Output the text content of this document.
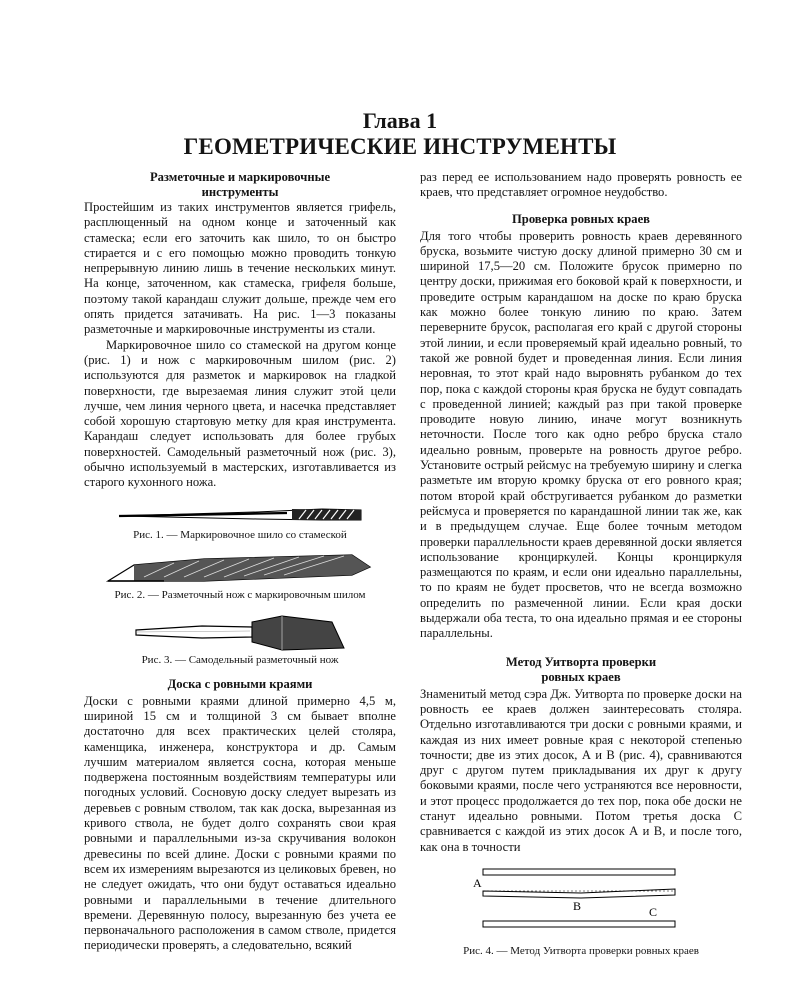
Глава 1
ГЕОМЕТРИЧЕСКИЕ ИНСТРУМЕНТЫ
Разметочные и маркировочные
инструменты

Простейшим из таких инструментов является грифель, расплющенный на одном конце и заточенный как стамеска; если его заточить как шило, то он быстро стирается и с его помощью можно проводить тонкую непрерывную линию лишь в течение нескольких минут. На конце, заточенном, как стамеска, грифеля больше, поэтому такой карандаш служит дольше, прежде чем его опять придется затачивать. На рис. 1—3 показаны разметочные и маркировочные инструменты из стали.

Маркировочное шило со стамеской на другом конце (рис. 1) и нож с маркировочным шилом (рис. 2) используются для разметок и маркировок на гладкой поверхности, где вырезаемая линия служит этой цели лучше, чем линия черного цвета, и насечка представляет собой хорошую стартовую метку для края инструмента. Карандаш следует использовать для более грубых поверхностей. Самодельный разметочный нож (рис. 3), обычно используемый в мастерских, изготавливается из старого кухонного ножа.

Рис. 1. — Маркировочное шило со стамеской
Рис. 2. — Разметочный нож с маркировочным шилом
Рис. 3. — Самодельный разметочный нож
Доска с ровными краями

Доски с ровными краями длиной примерно 4,5 м, шириной 15 см и толщиной 3 см бывает вполне достаточно для всех практических целей столяра, каменщика, инженера, конструктора и др. Самым лучшим материалом является сосна, которая меньше подвержена постоянным воздействиям температуры или погодных условий. Сосновую доску следует вырезать из деревьев с ровным стволом, так как доска, вырезанная из кривого ствола, не будет долго сохранять свои края ровными и параллельными из-за скручивания волокон древесины по всей длине. Доски с ровными краями по всем их измерениям вырезаются из целиковых бревен, но не следует ожидать, что они будут оставаться идеально ровными и параллельными в течение длительного времени. Деревянную полосу, вырезанную без учета ее первоначального расположения в самом стволе, придется периодически проверять, а следовательно, всякий

раз перед ее использованием надо проверять ровность ее краев, что представляет огромное неудобство.

Проверка ровных краев

Для того чтобы проверить ровность краев деревянного бруска, возьмите чистую доску длиной примерно 30 см и шириной 17,5—20 см. Положите брусок примерно по центру доски, прижимая его боковой край к поверхности, и проведите острым карандашом на доске по краю бруска как можно более тонкую линию по краю. Затем переверните брусок, располагая его край с другой стороны этой линии, и если проверяемый край идеально ровный, то такой же ровной будет и проведенная линия. Если линия неровная, то этот край надо выровнять рубанком до тех пор, пока с каждой стороны края бруска не будут совпадать с проведенной линией; каждый раз при такой проверке проводите новую линию, иначе могут возникнуть неточности. После того как одно ребро бруска стало идеально ровным, проверьте на ровность другое ребро. Установите острый рейсмус на требуемую ширину и слегка разметьте им вторую кромку бруска от его ровного края; потом второй край обстругивается рубанком до разметки рейсмуса и проверяется по карандашной линии так же, как и в предыдущем случае. Еще более точным методом проверки параллельности краев деревянной доски является использование кронциркулей. Концы кронциркуля размещаются по краям, и если они идеально параллельны, то по краям не будет просветов, что не всегда возможно определить по размеченной линии. Если края доски выдержали оба теста, то она идеально прямая и ее стороны параллельны.

Метод Уитворта проверки
ровных краев

Знаменитый метод сэра Дж. Уитворта по проверке доски на ровность ее краев должен заинтересовать столяра. Отдельно изготавливаются три доски с ровными краями, и каждая из них имеет ровные края с некоторой степенью точности; две из этих досок, А и В (рис. 4), сравниваются друг с другом путем прикладывания их друг к другу боковыми краями, после чего устраняются все неровности, и этот процесс продолжается до тех пор, пока обе доски не станут идеально ровными. Потом третья доска С сравнивается с каждой из этих досок А и В, и после того, как она в точности

A
B	C
Рис. 4. — Метод Уитворта проверки ровных краев
